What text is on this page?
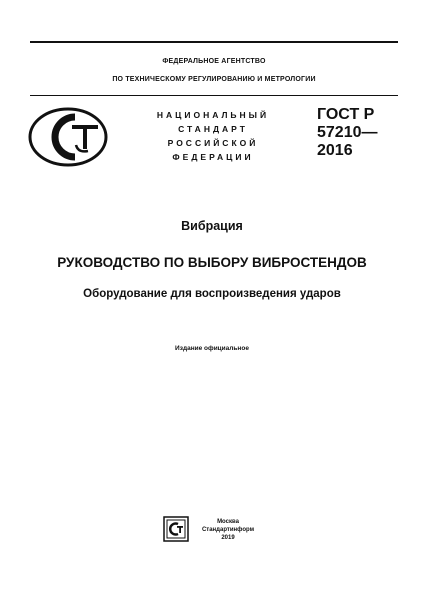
ФЕДЕРАЛЬНОЕ АГЕНТСТВО
ПО ТЕХНИЧЕСКОМУ РЕГУЛИРОВАНИЮ И МЕТРОЛОГИИ
НАЦИОНАЛЬНЫЙ
СТАНДАРТ
РОССИЙСКОЙ
ФЕДЕРАЦИИ
ГОСТ Р
57210—
2016
Вибрация
РУКОВОДСТВО ПО ВЫБОРУ ВИБРОСТЕНДОВ
Оборудование для воспроизведения ударов
Издание официальное
Москва
Стандартинформ
2019
